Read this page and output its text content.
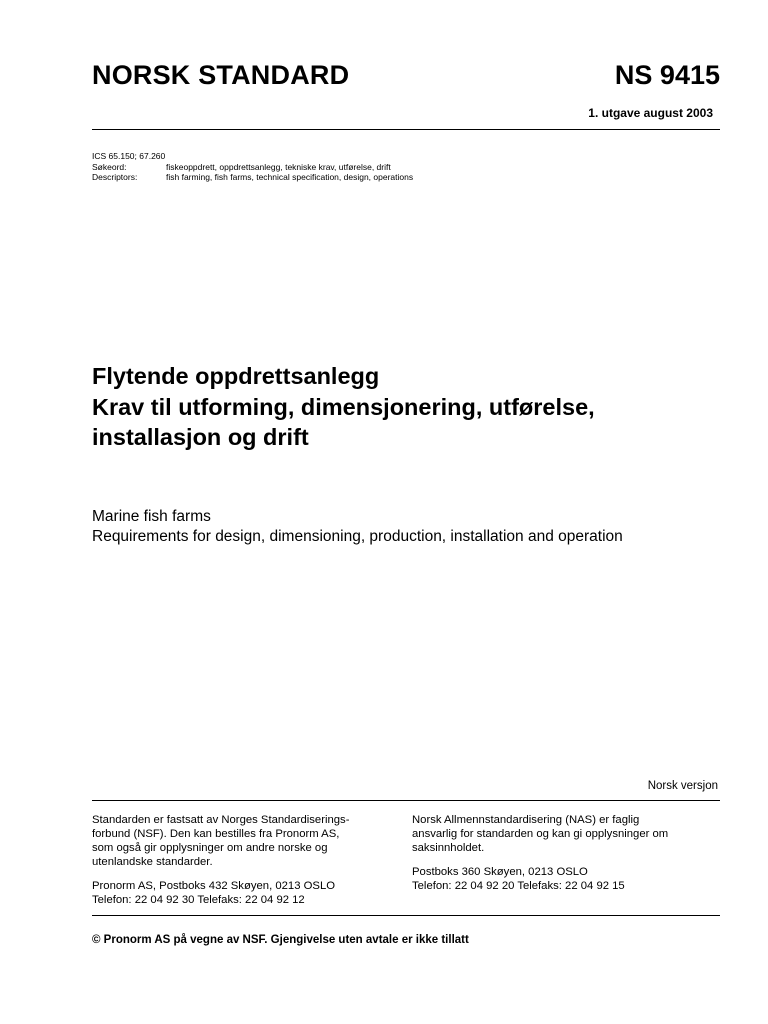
NORSK STANDARD	NS 9415
1. utgave august 2003
ICS 65.150; 67.260
Søkeord:	fiskeoppdrett, oppdrettsanlegg, tekniske krav, utførelse, drift
Descriptors:	fish farming, fish farms, technical specification, design, operations
Flytende oppdrettsanlegg
Krav til utforming, dimensjonering, utførelse,
installasjon og drift
Marine fish farms
Requirements for design, dimensioning, production, installation and operation
Norsk versjon
Standarden er fastsatt av Norges Standardiserings-
forbund (NSF). Den kan bestilles fra Pronorm AS,
som også gir opplysninger om andre norske og
utenlandske standarder.
Pronorm AS, Postboks 432 Skøyen, 0213 OSLO
Telefon: 22 04 92 30 Telefaks: 22 04 92 12
Norsk Allmennstandardisering (NAS) er faglig
ansvarlig for standarden og kan gi opplysninger om
saksinnholdet.
Postboks 360 Skøyen, 0213 OSLO
Telefon: 22 04 92 20 Telefaks: 22 04 92 15
© Pronorm AS på vegne av NSF. Gjengivelse uten avtale er ikke tillatt
